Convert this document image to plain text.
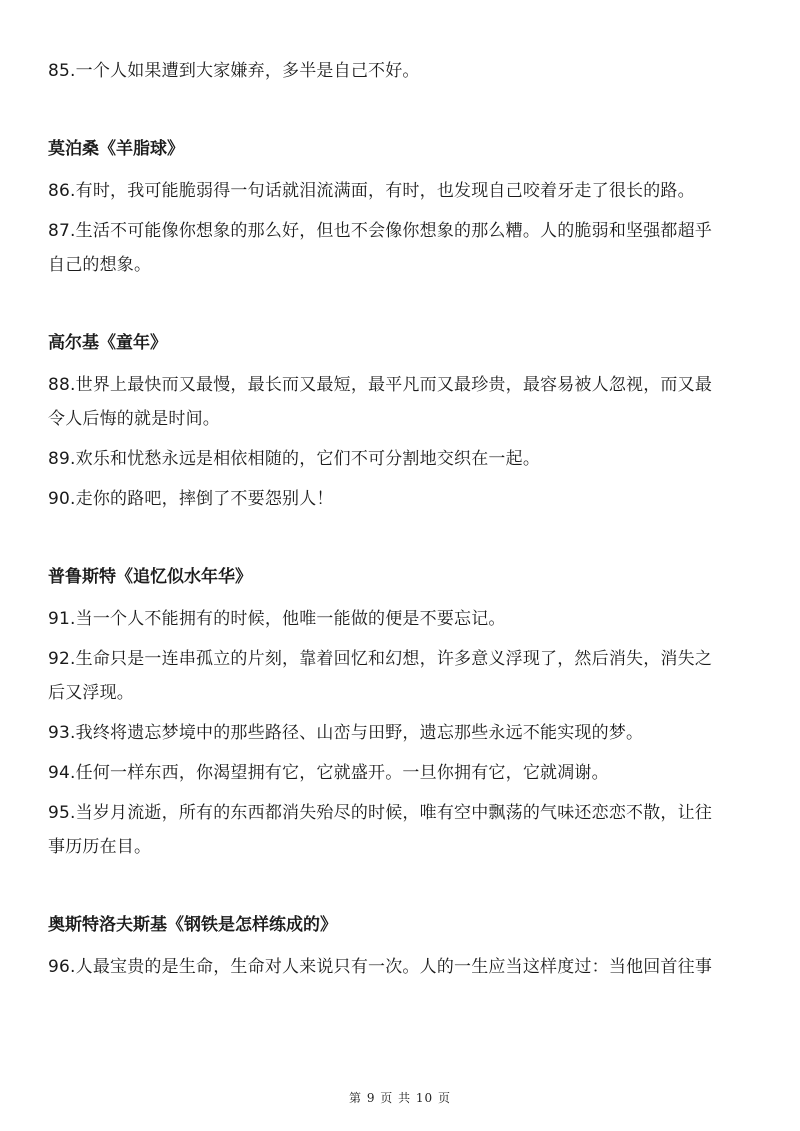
85.一个人如果遭到大家嫌弃，多半是自己不好。

莫泊桑《羊脂球》

86.有时，我可能脆弱得一句话就泪流满面，有时，也发现自己咬着牙走了很长的路。

87.生活不可能像你想象的那么好，但也不会像你想象的那么糟。人的脆弱和坚强都超乎

自己的想象。

高尔基《童年》

88.世界上最快而又最慢，最长而又最短，最平凡而又最珍贵，最容易被人忽视，而又最

令人后悔的就是时间。

89.欢乐和忧愁永远是相依相随的，它们不可分割地交织在一起。

90.走你的路吧，摔倒了不要怨别人！

普鲁斯特《追忆似水年华》

91.当一个人不能拥有的时候，他唯一能做的便是不要忘记。

92.生命只是一连串孤立的片刻，靠着回忆和幻想，许多意义浮现了，然后消失，消失之

后又浮现。

93.我终将遗忘梦境中的那些路径、山峦与田野，遗忘那些永远不能实现的梦。

94.任何一样东西，你渴望拥有它，它就盛开。一旦你拥有它，它就凋谢。

95.当岁月流逝，所有的东西都消失殆尽的时候，唯有空中飘荡的气味还恋恋不散，让往

事历历在目。

奥斯特洛夫斯基《钢铁是怎样练成的》

96.人最宝贵的是生命，生命对人来说只有一次。人的一生应当这样度过：当他回首往事

第 9 页 共 10 页
